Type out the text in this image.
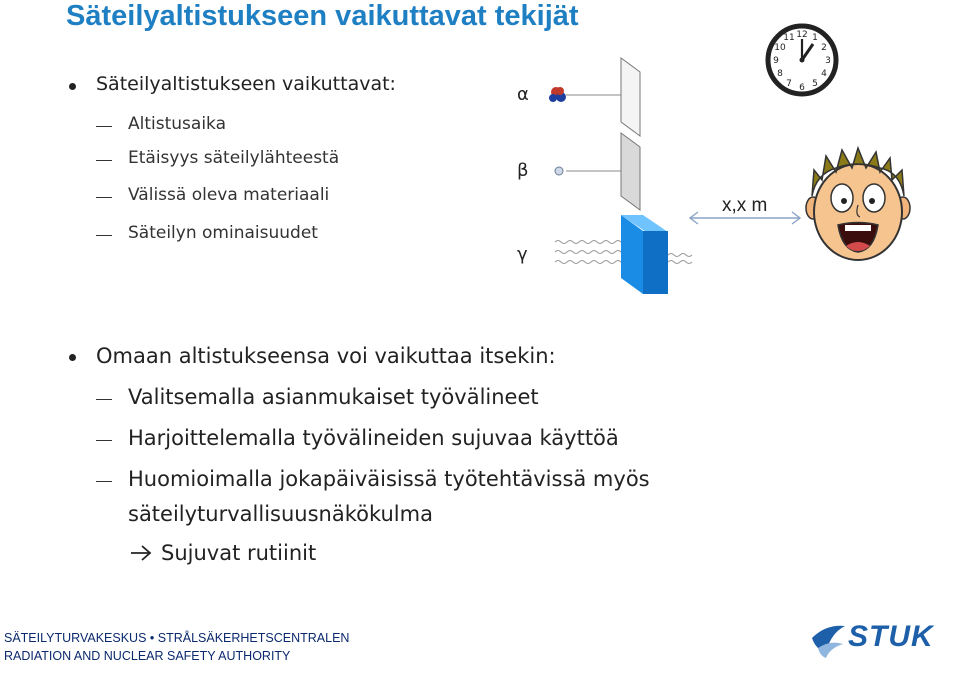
Säteilyaltistukseen vaikuttavat tekijät
Säteilyaltistukseen vaikuttavat:
Altistusaika
Etäisyys säteilylähteestä
Välissä oleva materiaali
Säteilyn ominaisuudet
α
β
γ
12 1
2
3
4
5
6
7
8
9
10
11
x,x m
Omaan altistukseensa voi vaikuttaa itsekin:
Valitsemalla asianmukaiset työvälineet
Harjoittelemalla työvälineiden sujuvaa käyttöä
Huomioimalla jokapäiväisissä työtehtävissä myös
säteilyturvallisuusnäkökulma
Sujuvat rutiinit
SÄTEILYTURVAKESKUS • STRÅLSÄKERHETSCENTRALEN
RADIATION AND NUCLEAR SAFETY AUTHORITY
STUK
